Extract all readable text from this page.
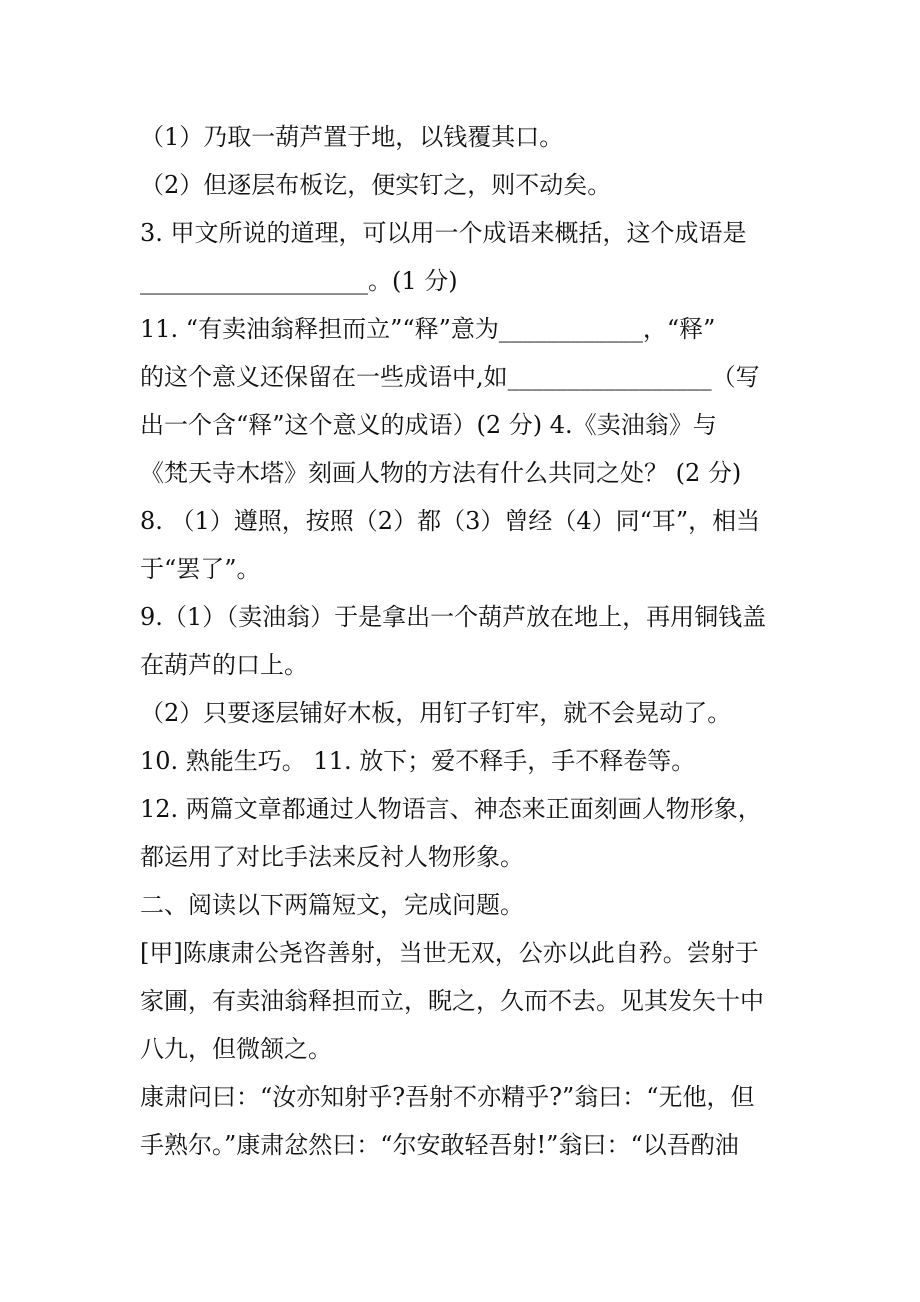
（1）乃取一葫芦置于地，以钱覆其口。
（2）但逐层布板讫，便实钉之，则不动矣。
3. 甲文所说的道理，可以用一个成语来概括，这个成语是
___________________。(1 分)
11. “有卖油翁释担而立”“释”意为____________，“释”
的这个意义还保留在一些成语中,如_________________（写
出一个含“释”这个意义的成语）(2 分) 4.《卖油翁》与
《梵天寺木塔》刻画人物的方法有什么共同之处？ (2 分)
8. （1）遵照，按照（2）都（3）曾经（4）同“耳”，相当
于“罢了”。
9.（1）（卖油翁）于是拿出一个葫芦放在地上，再用铜钱盖
在葫芦的口上。
（2）只要逐层铺好木板，用钉子钉牢，就不会晃动了。
10. 熟能生巧。 11. 放下；爱不释手，手不释卷等。
12. 两篇文章都通过人物语言、神态来正面刻画人物形象，
都运用了对比手法来反衬人物形象。
二、阅读以下两篇短文，完成问题。
[甲]陈康肃公尧咨善射，当世无双，公亦以此自矜。尝射于
家圃，有卖油翁释担而立，睨之，久而不去。见其发矢十中
八九，但微颔之。
康肃问曰：“汝亦知射乎?吾射不亦精乎?”翁曰：“无他，但
手熟尔。”康肃忿然曰：“尔安敢轻吾射!”翁曰：“以吾酌油
